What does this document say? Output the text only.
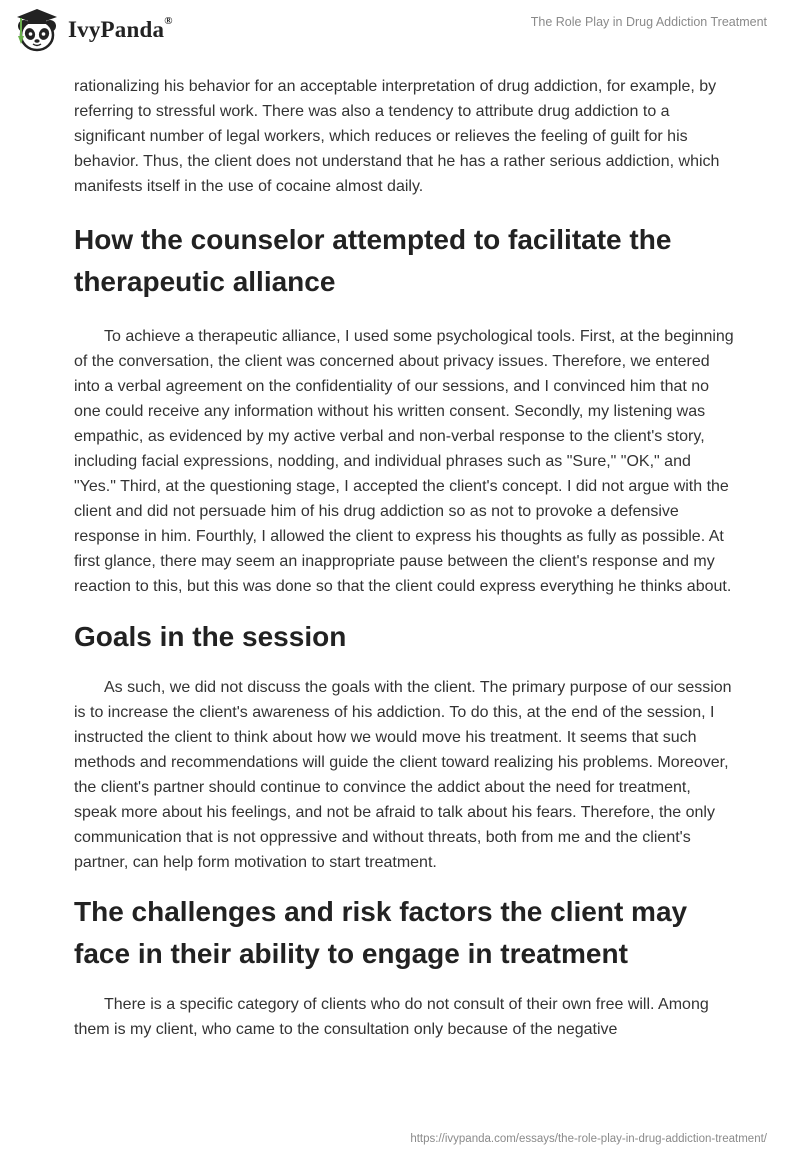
IvyPanda®	The Role Play in Drug Addiction Treatment

rationalizing his behavior for an acceptable interpretation of drug addiction, for example, by referring to stressful work. There was also a tendency to attribute drug addiction to a significant number of legal workers, which reduces or relieves the feeling of guilt for his behavior. Thus, the client does not understand that he has a rather serious addiction, which manifests itself in the use of cocaine almost daily.

How the counselor attempted to facilitate the therapeutic alliance

To achieve a therapeutic alliance, I used some psychological tools. First, at the beginning of the conversation, the client was concerned about privacy issues. Therefore, we entered into a verbal agreement on the confidentiality of our sessions, and I convinced him that no one could receive any information without his written consent. Secondly, my listening was empathic, as evidenced by my active verbal and non-verbal response to the client's story, including facial expressions, nodding, and individual phrases such as "Sure," "OK," and "Yes." Third, at the questioning stage, I accepted the client's concept. I did not argue with the client and did not persuade him of his drug addiction so as not to provoke a defensive response in him. Fourthly, I allowed the client to express his thoughts as fully as possible. At first glance, there may seem an inappropriate pause between the client's response and my reaction to this, but this was done so that the client could express everything he thinks about.

Goals in the session

As such, we did not discuss the goals with the client. The primary purpose of our session is to increase the client's awareness of his addiction. To do this, at the end of the session, I instructed the client to think about how we would move his treatment. It seems that such methods and recommendations will guide the client toward realizing his problems. Moreover, the client's partner should continue to convince the addict about the need for treatment, speak more about his feelings, and not be afraid to talk about his fears. Therefore, the only communication that is not oppressive and without threats, both from me and the client's partner, can help form motivation to start treatment.

The challenges and risk factors the client may face in their ability to engage in treatment

There is a specific category of clients who do not consult of their own free will. Among them is my client, who came to the consultation only because of the negative

https://ivypanda.com/essays/the-role-play-in-drug-addiction-treatment/
